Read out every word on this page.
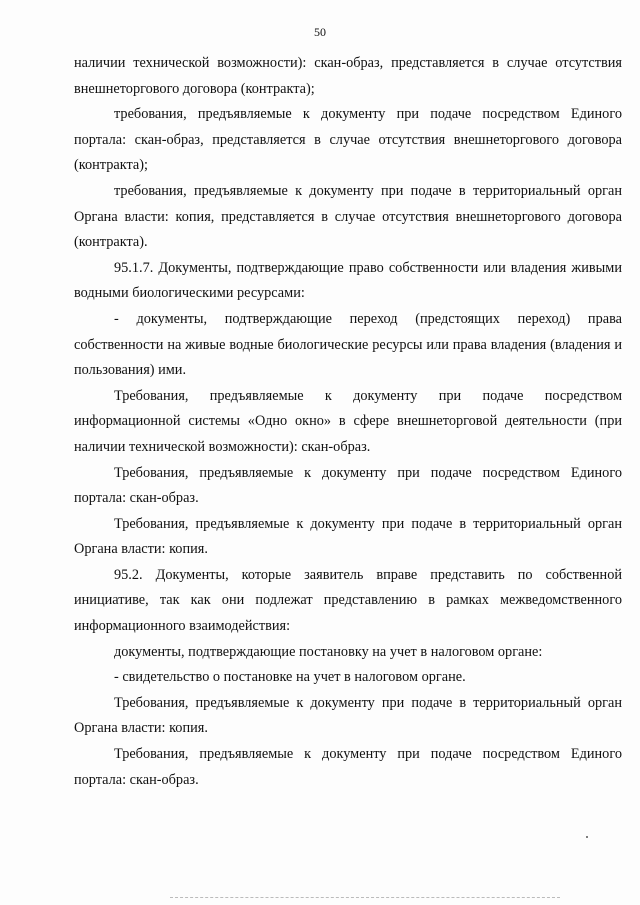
50

наличии технической возможности): скан-образ, представляется в случае отсутствия внешнеторгового договора (контракта);

требования, предъявляемые к документу при подаче посредством Единого портала: скан-образ, представляется в случае отсутствия внешнеторгового договора (контракта);

требования, предъявляемые к документу при подаче в территориальный орган Органа власти: копия, представляется в случае отсутствия внешнеторгового договора (контракта).

95.1.7. Документы, подтверждающие право собственности или владения живыми водными биологическими ресурсами:

- документы, подтверждающие переход (предстоящих переход) права собственности на живые водные биологические ресурсы или права владения (владения и пользования) ими.

Требования, предъявляемые к документу при подаче посредством информационной системы «Одно окно» в сфере внешнеторговой деятельности (при наличии технической возможности): скан-образ.

Требования, предъявляемые к документу при подаче посредством Единого портала: скан-образ.

Требования, предъявляемые к документу при подаче в территориальный орган Органа власти: копия.

95.2. Документы, которые заявитель вправе представить по собственной инициативе, так как они подлежат представлению в рамках межведомственного информационного взаимодействия:

документы, подтверждающие постановку на учет в налоговом органе:

- свидетельство о постановке на учет в налоговом органе.

Требования, предъявляемые к документу при подаче в территориальный орган Органа власти: копия.

Требования, предъявляемые к документу при подаче посредством Единого портала: скан-образ.
